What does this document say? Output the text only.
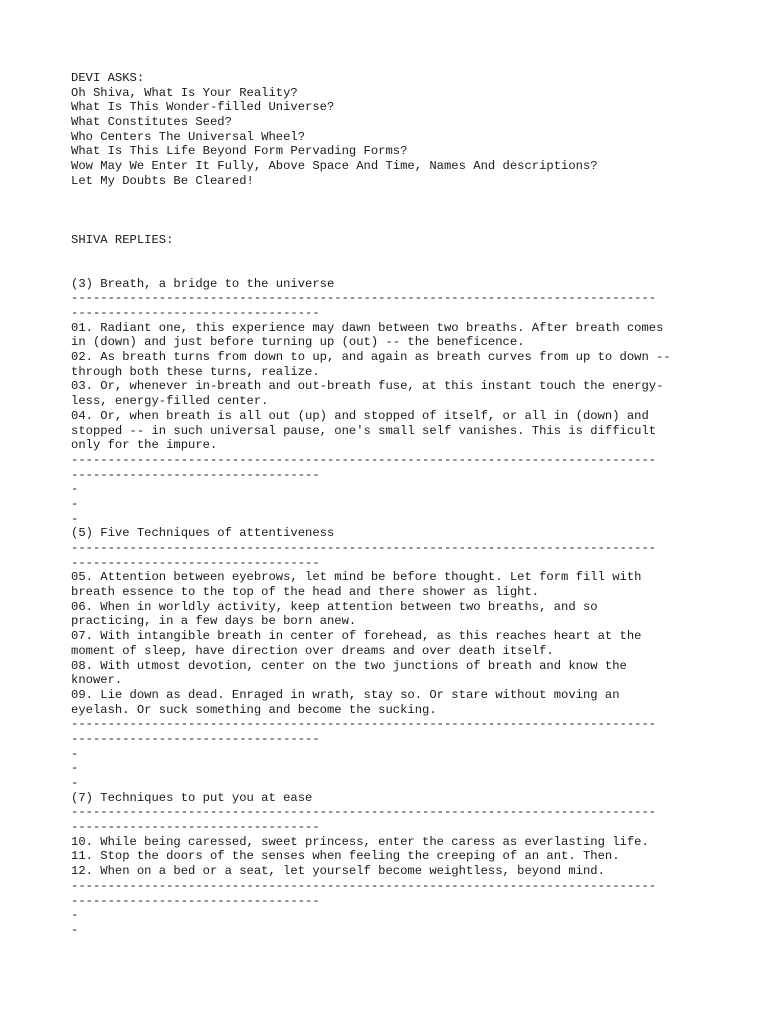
DEVI ASKS:
Oh Shiva, What Is Your Reality?
What Is This Wonder-filled Universe?
What Constitutes Seed?
Who Centers The Universal Wheel?
What Is This Life Beyond Form Pervading Forms?
Wow May We Enter It Fully, Above Space And Time, Names And descriptions?
Let My Doubts Be Cleared!
SHIVA REPLIES:
(3) Breath, a bridge to the universe
--------------------------------------------------------------------------------
----------------------------------
01. Radiant one, this experience may dawn between two breaths. After breath comes
in (down) and just before turning up (out) -- the beneficence.
02. As breath turns from down to up, and again as breath curves from up to down --
through both these turns, realize.
03. Or, whenever in-breath and out-breath fuse, at this instant touch the energy-
less, energy-filled center.
04. Or, when breath is all out (up) and stopped of itself, or all in (down) and
stopped -- in such universal pause, one's small self vanishes. This is difficult
only for the impure.
--------------------------------------------------------------------------------
----------------------------------
-
-
-
(5) Five Techniques of attentiveness
--------------------------------------------------------------------------------
----------------------------------
05. Attention between eyebrows, let mind be before thought. Let form fill with
breath essence to the top of the head and there shower as light.
06. When in worldly activity, keep attention between two breaths, and so
practicing, in a few days be born anew.
07. With intangible breath in center of forehead, as this reaches heart at the
moment of sleep, have direction over dreams and over death itself.
08. With utmost devotion, center on the two junctions of breath and know the
knower.
09. Lie down as dead. Enraged in wrath, stay so. Or stare without moving an
eyelash. Or suck something and become the sucking.
--------------------------------------------------------------------------------
----------------------------------
-
-
-
(7) Techniques to put you at ease
--------------------------------------------------------------------------------
----------------------------------
10. While being caressed, sweet princess, enter the caress as everlasting life.
11. Stop the doors of the senses when feeling the creeping of an ant. Then.
12. When on a bed or a seat, let yourself become weightless, beyond mind.
--------------------------------------------------------------------------------
----------------------------------
-
-
